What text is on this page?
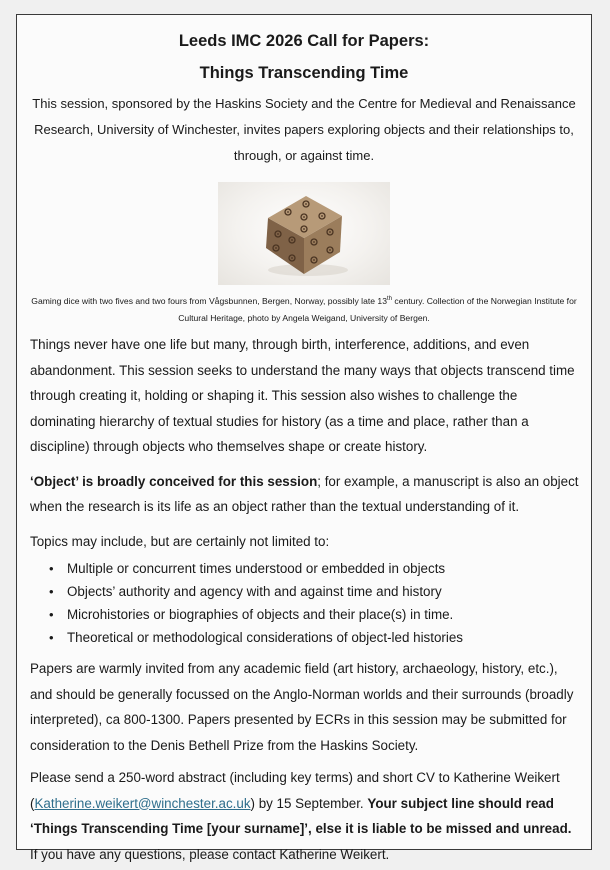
Leeds IMC 2026 Call for Papers:
Things Transcending Time
This session, sponsored by the Haskins Society and the Centre for Medieval and Renaissance Research, University of Winchester, invites papers exploring objects and their relationships to, through, or against time.
Gaming dice with two fives and two fours from Vågsbunnen, Bergen, Norway, possibly late 13th century. Collection of the Norwegian Institute for Cultural Heritage, photo by Angela Weigand, University of Bergen.
Things never have one life but many, through birth, interference, additions, and even abandonment. This session seeks to understand the many ways that objects transcend time through creating it, holding or shaping it. This session also wishes to challenge the dominating hierarchy of textual studies for history (as a time and place, rather than a discipline) through objects who themselves shape or create history.
‘Object’ is broadly conceived for this session; for example, a manuscript is also an object when the research is its life as an object rather than the textual understanding of it.
Topics may include, but are certainly not limited to:
• Multiple or concurrent times understood or embedded in objects
• Objects’ authority and agency with and against time and history
• Microhistories or biographies of objects and their place(s) in time.
• Theoretical or methodological considerations of object-led histories
Papers are warmly invited from any academic field (art history, archaeology, history, etc.), and should be generally focussed on the Anglo-Norman worlds and their surrounds (broadly interpreted), ca 800-1300. Papers presented by ECRs in this session may be submitted for consideration to the Denis Bethell Prize from the Haskins Society.
Please send a 250-word abstract (including key terms) and short CV to Katherine Weikert (Katherine.weikert@winchester.ac.uk) by 15 September. Your subject line should read ‘Things Transcending Time [your surname]’, else it is liable to be missed and unread. If you have any questions, please contact Katherine Weikert.
